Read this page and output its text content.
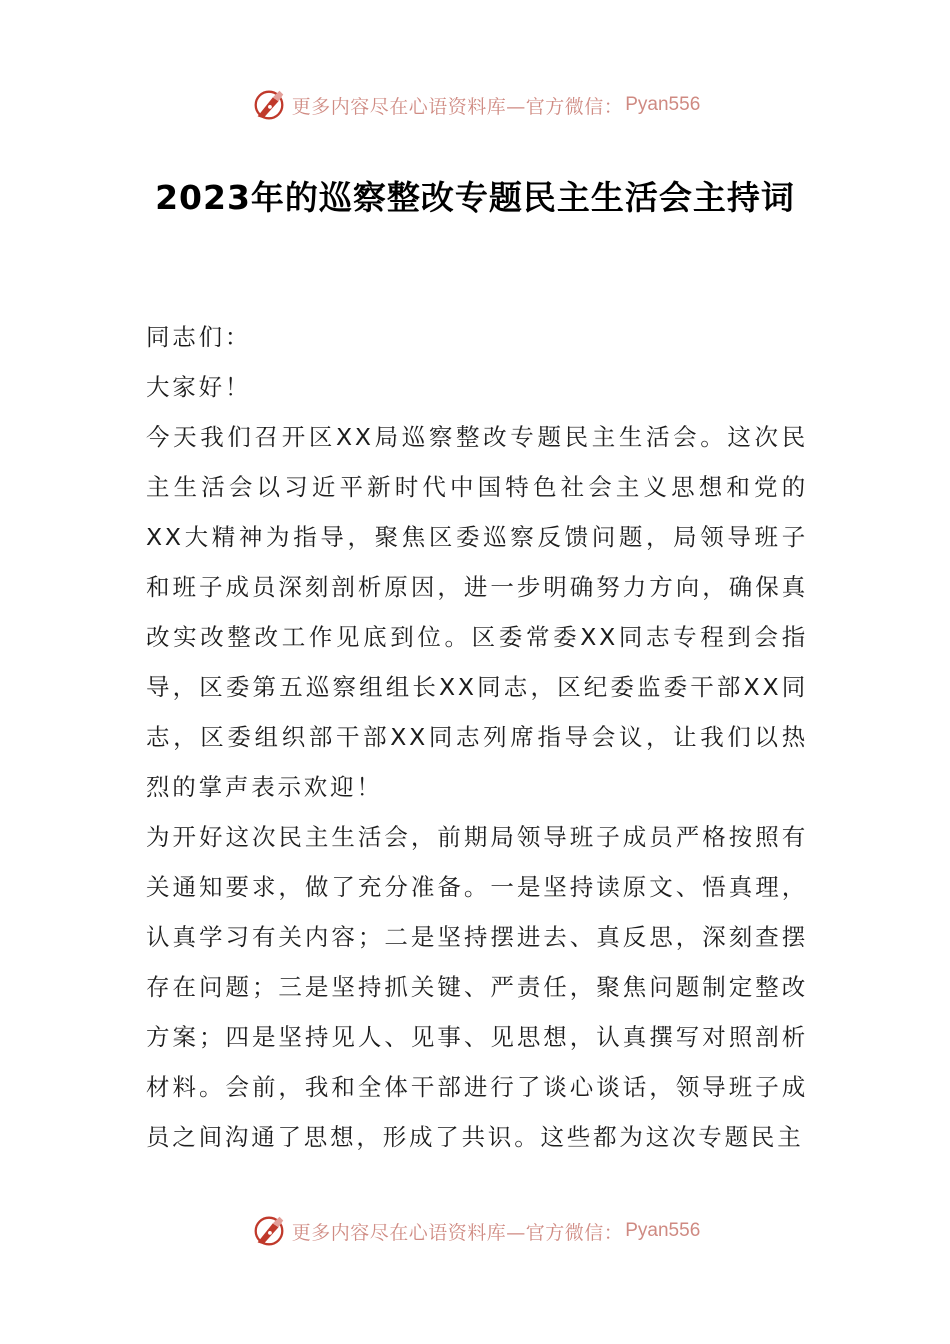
更多内容尽在心语资料库—官方微信： Pyan556
2023年的巡察整改专题民主生活会主持词

同志们：

大家好！

今天我们召开区XX局巡察整改专题民主生活会。这次民主生活会以习近平新时代中国特色社会主义思想和党的XX大精神为指导，聚焦区委巡察反馈问题，局领导班子和班子成员深刻剖析原因，进一步明确努力方向，确保真改实改整改工作见底到位。区委常委XX同志专程到会指导，区委第五巡察组组长XX同志，区纪委监委干部XX同志，区委组织部干部XX同志列席指导会议，让我们以热烈的掌声表示欢迎！

为开好这次民主生活会，前期局领导班子成员严格按照有关通知要求，做了充分准备。一是坚持读原文、悟真理，认真学习有关内容；二是坚持摆进去、真反思，深刻查摆存在问题；三是坚持抓关键、严责任，聚焦问题制定整改方案；四是坚持见人、见事、见思想，认真撰写对照剖析材料。会前，我和全体干部进行了谈心谈话，领导班子成员之间沟通了思想，形成了共识。这些都为这次专题民主

更多内容尽在心语资料库—官方微信： Pyan556
